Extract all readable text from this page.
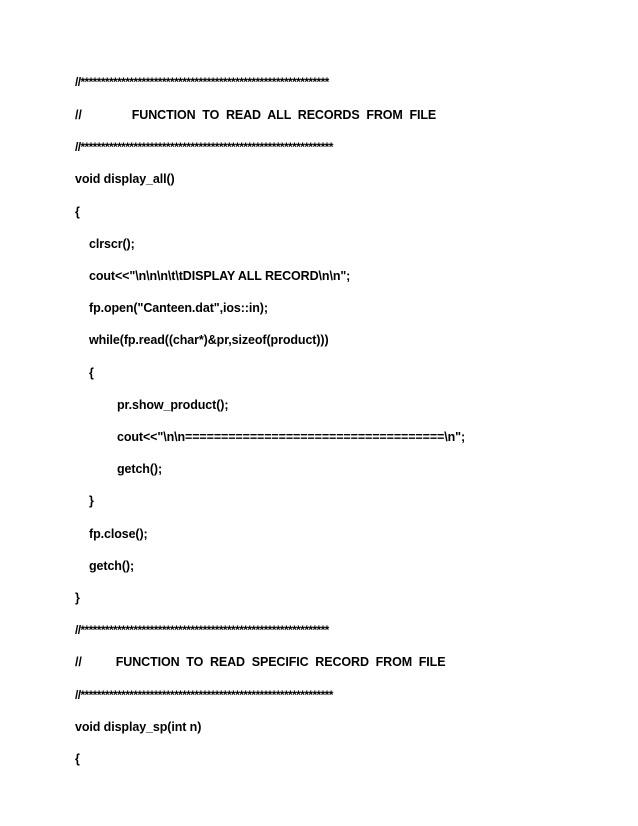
//*************************************************************
//	FUNCTION  TO  READ  ALL  RECORDS  FROM  FILE
//**************************************************************
void display_all()
{
clrscr();
cout<<"\n\n\n\t\tDISPLAY ALL RECORD\n\n";
fp.open("Canteen.dat",ios::in);
while(fp.read((char*)&pr,sizeof(product)))
{
pr.show_product();
cout<<"\n\n====================================\n";
getch();
}
fp.close();
getch();
}
//*************************************************************
//	FUNCTION  TO  READ  SPECIFIC  RECORD  FROM  FILE
//**************************************************************
void display_sp(int n)
{
